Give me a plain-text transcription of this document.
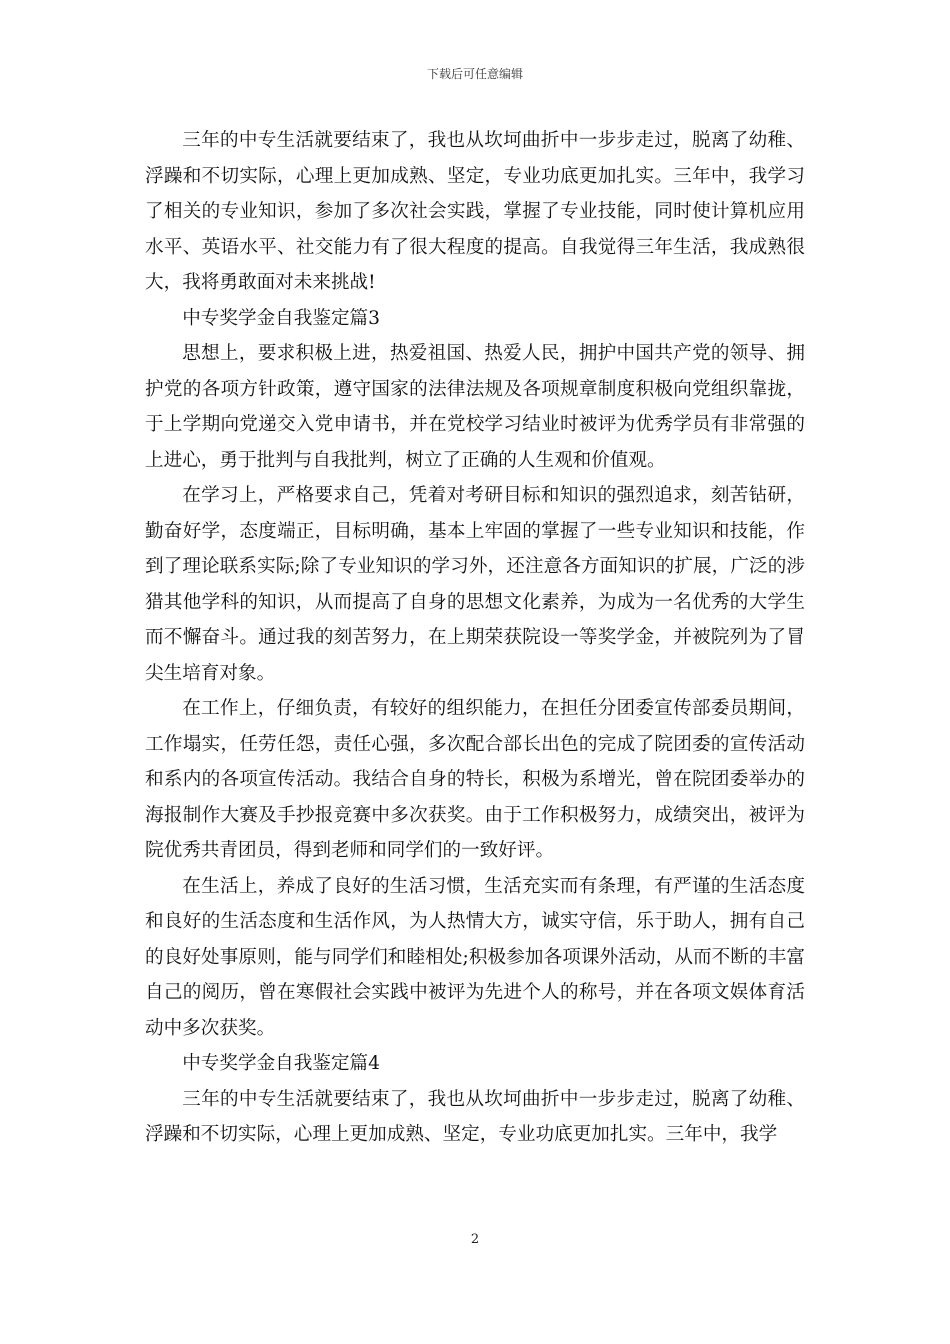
下载后可任意编辑

三年的中专生活就要结束了，我也从坎坷曲折中一步步走过，脱离了幼稚、浮躁和不切实际，心理上更加成熟、坚定，专业功底更加扎实。三年中，我学习了相关的专业知识，参加了多次社会实践，掌握了专业技能，同时使计算机应用水平、英语水平、社交能力有了很大程度的提高。自我觉得三年生活，我成熟很大，我将勇敢面对未来挑战!

中专奖学金自我鉴定篇3

思想上，要求积极上进，热爱祖国、热爱人民，拥护中国共产党的领导、拥护党的各项方针政策，遵守国家的法律法规及各项规章制度积极向党组织靠拢，于上学期向党递交入党申请书，并在党校学习结业时被评为优秀学员有非常强的上进心，勇于批判与自我批判，树立了正确的人生观和价值观。

在学习上，严格要求自己，凭着对考研目标和知识的强烈追求，刻苦钻研，勤奋好学，态度端正，目标明确，基本上牢固的掌握了一些专业知识和技能，作到了理论联系实际;除了专业知识的学习外，还注意各方面知识的扩展，广泛的涉猎其他学科的知识，从而提高了自身的思想文化素养，为成为一名优秀的大学生而不懈奋斗。通过我的刻苦努力，在上期荣获院设一等奖学金，并被院列为了冒尖生培育对象。

在工作上，仔细负责，有较好的组织能力，在担任分团委宣传部委员期间，工作塌实，任劳任怨，责任心强，多次配合部长出色的完成了院团委的宣传活动和系内的各项宣传活动。我结合自身的特长，积极为系增光，曾在院团委举办的海报制作大赛及手抄报竞赛中多次获奖。由于工作积极努力，成绩突出，被评为院优秀共青团员，得到老师和同学们的一致好评。

在生活上，养成了良好的生活习惯，生活充实而有条理，有严谨的生活态度和良好的生活态度和生活作风，为人热情大方，诚实守信，乐于助人，拥有自己的良好处事原则，能与同学们和睦相处;积极参加各项课外活动，从而不断的丰富自己的阅历，曾在寒假社会实践中被评为先进个人的称号，并在各项文娱体育活动中多次获奖。

中专奖学金自我鉴定篇4

三年的中专生活就要结束了，我也从坎坷曲折中一步步走过，脱离了幼稚、浮躁和不切实际，心理上更加成熟、坚定，专业功底更加扎实。三年中，我学

2
